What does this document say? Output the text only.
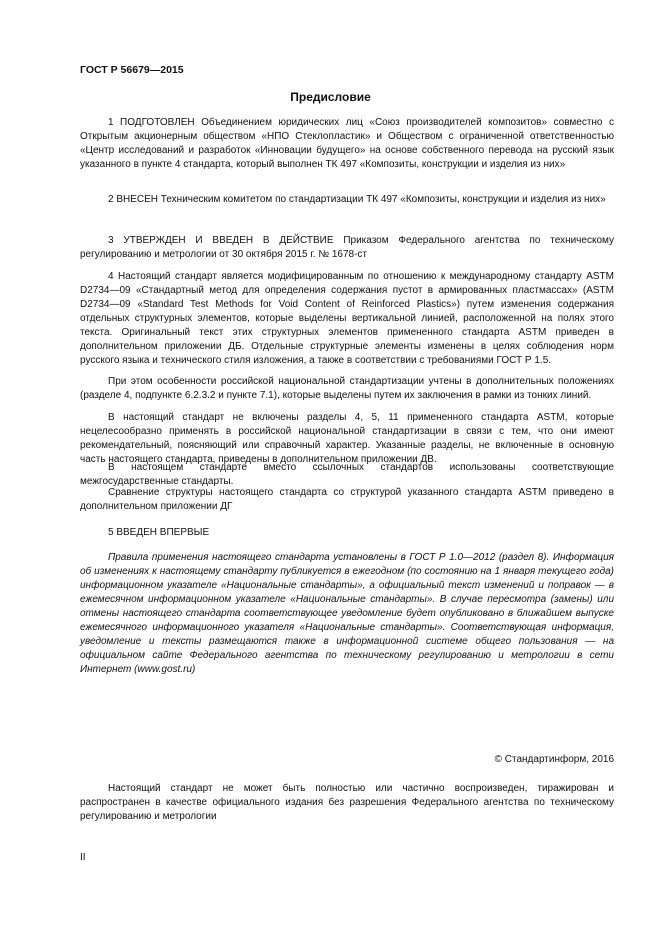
ГОСТ Р 56679—2015
Предисловие

1 ПОДГОТОВЛЕН Объединением юридических лиц «Союз производителей композитов» совместно с Открытым акционерным обществом «НПО Стеклопластик» и Обществом с ограниченной ответственностью «Центр исследований и разработок «Инновации будущего» на основе собственного перевода на русский язык указанного в пункте 4 стандарта, который выполнен ТК 497 «Композиты, конструкции и изделия из них»

2 ВНЕСЕН Техническим комитетом по стандартизации ТК 497 «Композиты, конструкции и изделия из них»

3 УТВЕРЖДЕН И ВВЕДЕН В ДЕЙСТВИЕ Приказом Федерального агентства по техническому регулированию и метрологии от 30 октября 2015 г. № 1678-ст

4 Настоящий стандарт является модифицированным по отношению к международному стандарту ASTM D2734—09 «Стандартный метод для определения содержания пустот в армированных пластмассах» (ASTM D2734—09 «Standard Test Methods for Void Content of Reinforced Plastics») путем изменения содержания отдельных структурных элементов, которые выделены вертикальной линией, расположенной на полях этого текста. Оригинальный текст этих структурных элементов примененного стандарта ASTM приведен в дополнительном приложении ДБ. Отдельные структурные элементы изменены в целях соблюдения норм русского языка и технического стиля изложения, а также в соответствии с требованиями ГОСТ Р 1.5.

При этом особенности российской национальной стандартизации учтены в дополнительных положениях (разделе 4, подпункте 6.2.3.2 и пункте 7.1), которые выделены путем их заключения в рамки из тонких линий.

В настоящий стандарт не включены разделы 4, 5, 11 примененного стандарта ASTM, которые нецелесообразно применять в российской национальной стандартизации в связи с тем, что они имеют рекомендательный, поясняющий или справочный характер. Указанные разделы, не включенные в основную часть настоящего стандарта, приведены в дополнительном приложении ДВ.

В настоящем стандарте вместо ссылочных стандартов использованы соответствующие межгосударственные стандарты.

Сравнение структуры настоящего стандарта со структурой указанного стандарта ASTM приведено в дополнительном приложении ДГ

5 ВВЕДЕН ВПЕРВЫЕ

Правила применения настоящего стандарта установлены в ГОСТ Р 1.0—2012 (раздел 8). Информация об изменениях к настоящему стандарту публикуется в ежегодном (по состоянию на 1 января текущего года) информационном указателе «Национальные стандарты», а официальный текст изменений и поправок — в ежемесячном информационном указателе «Национальные стандарты». В случае пересмотра (замены) или отмены настоящего стандарта соответствующее уведомление будет опубликовано в ближайшем выпуске ежемесячного информационного указателя «Национальные стандарты». Соответствующая информация, уведомление и тексты размещаются также в информационной системе общего пользования — на официальном сайте Федерального агентства по техническому регулированию и метрологии в сети Интернет (www.gost.ru)

© Стандартинформ, 2016

Настоящий стандарт не может быть полностью или частично воспроизведен, тиражирован и распространен в качестве официального издания без разрешения Федерального агентства по техническому регулированию и метрологии

II
